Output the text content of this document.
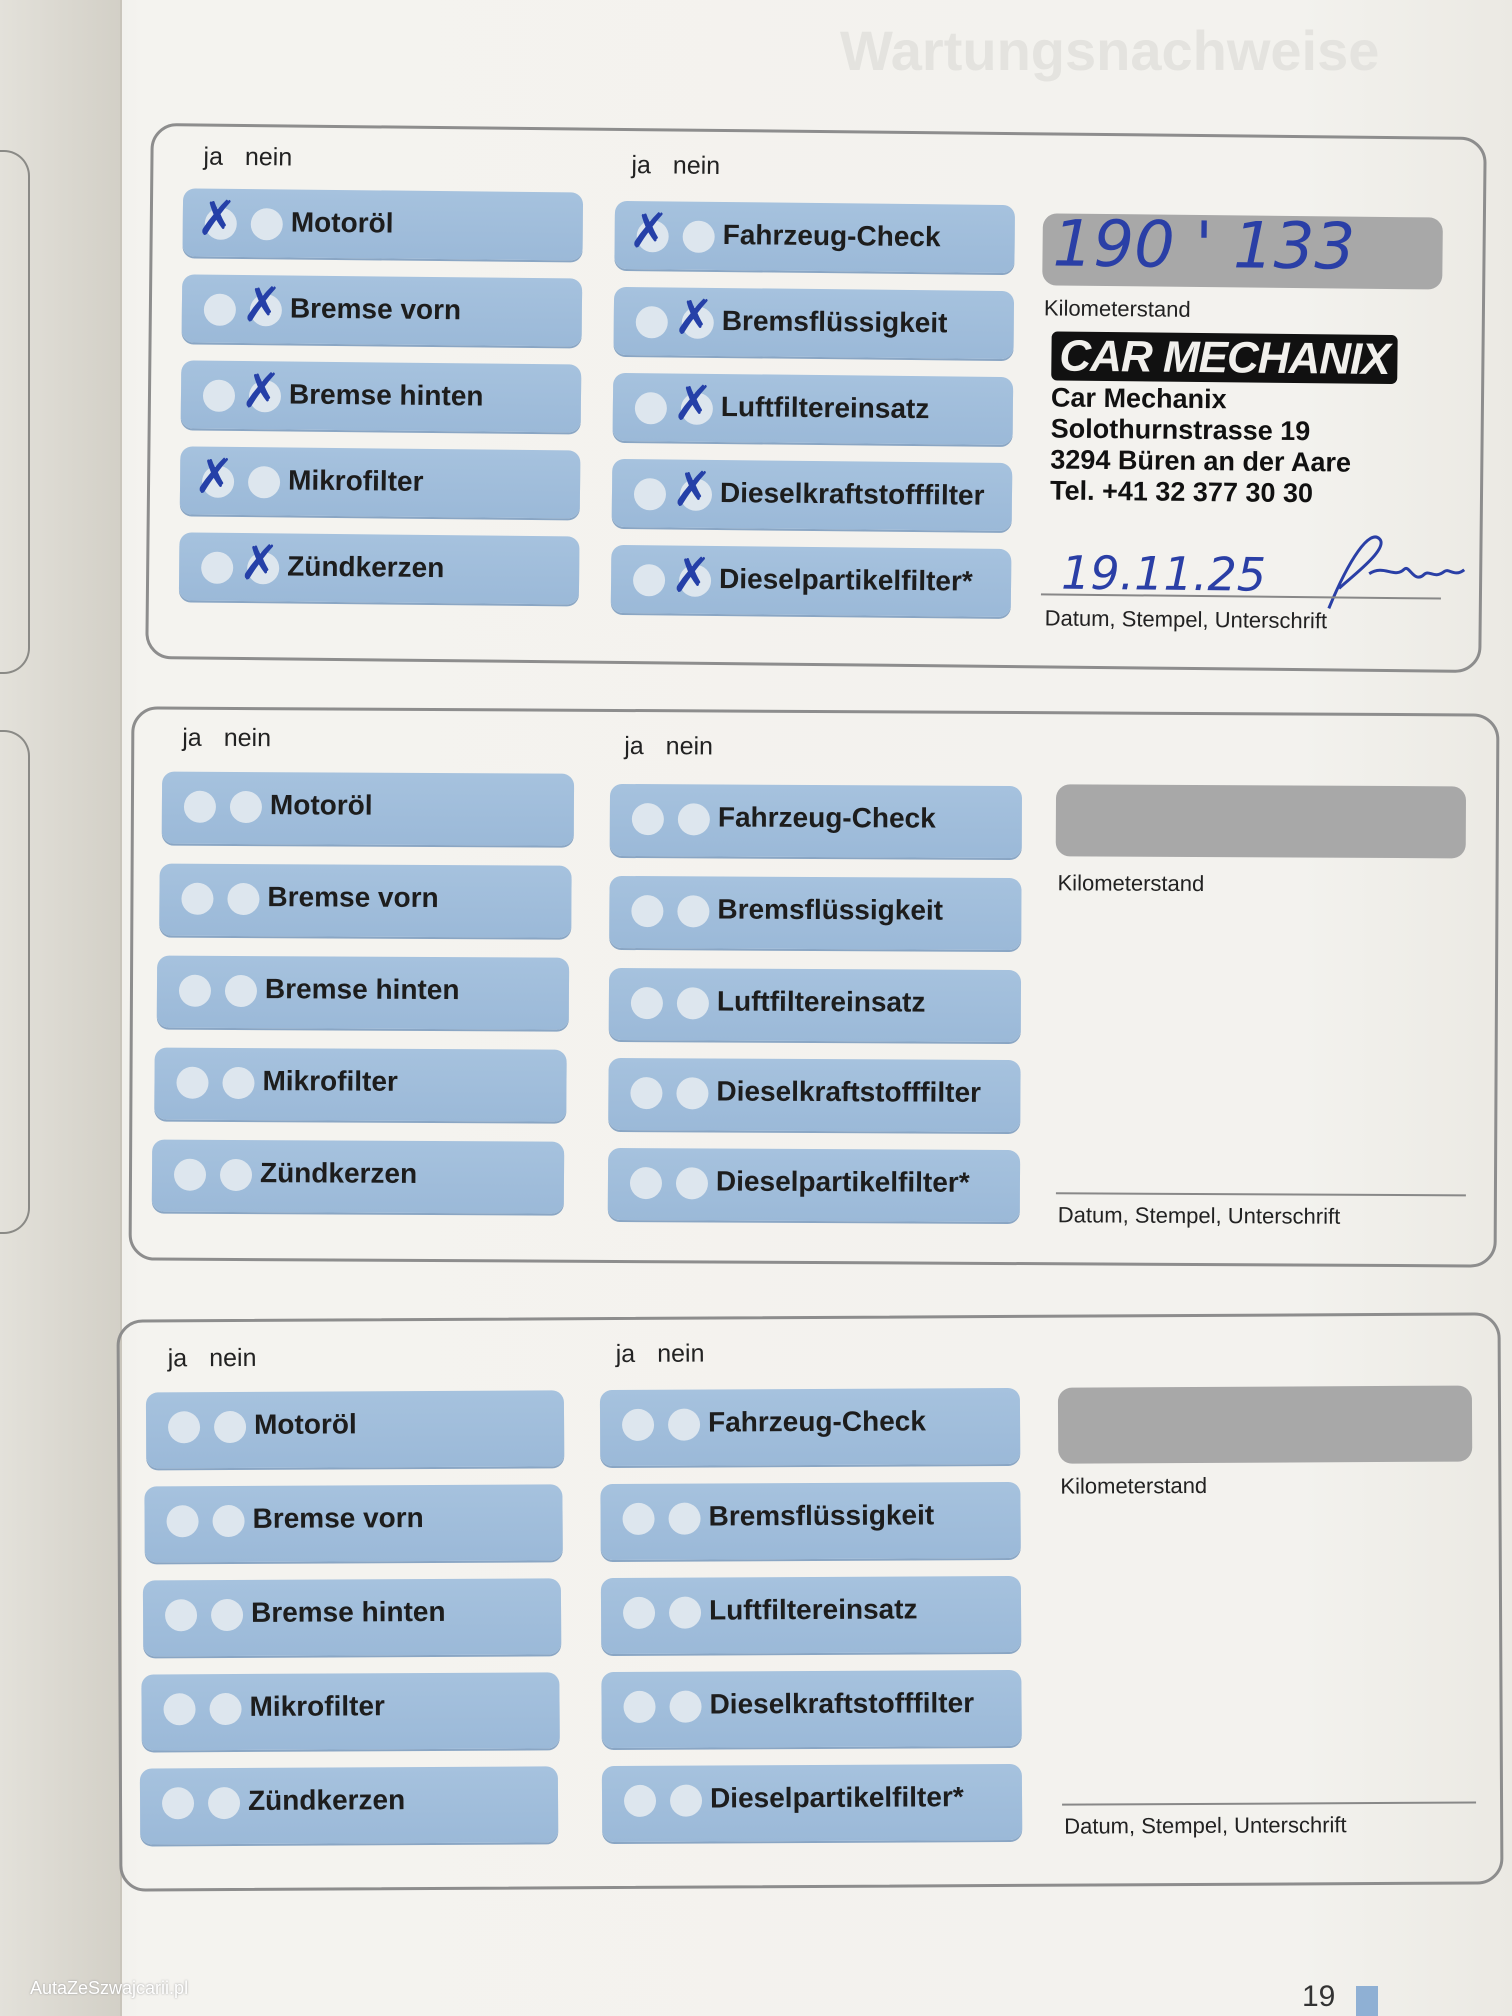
Wartungsnachweise
ja nein	ja nein
✗ Motoröl
✗ Bremse vorn
✗ Bremse hinten
✗ Mikrofilter
✗ Zündkerzen
✗ Fahrzeug-Check
✗ Bremsflüssigkeit
✗ Luftfiltereinsatz
✗ Dieselkraftstofffilter
✗ Dieselpartikelfilter*
190 ' 133
Kilometerstand
CAR MECHANIX
Car Mechanix
Solothurnstrasse 19
3294 Büren an der Aare
Tel. +41 32 377 30 30
19.11.25
Datum, Stempel, Unterschrift
ja nein	ja nein
Motoröl
Bremse vorn
Bremse hinten
Mikrofilter
Zündkerzen
Fahrzeug-Check
Bremsflüssigkeit
Luftfiltereinsatz
Dieselkraftstofffilter
Dieselpartikelfilter*
Kilometerstand
Datum, Stempel, Unterschrift
ja nein	ja nein
Motoröl
Bremse vorn
Bremse hinten
Mikrofilter
Zündkerzen
Fahrzeug-Check
Bremsflüssigkeit
Luftfiltereinsatz
Dieselkraftstofffilter
Dieselpartikelfilter*
Kilometerstand
Datum, Stempel, Unterschrift
19
AutaZeSzwajcarii.pl
